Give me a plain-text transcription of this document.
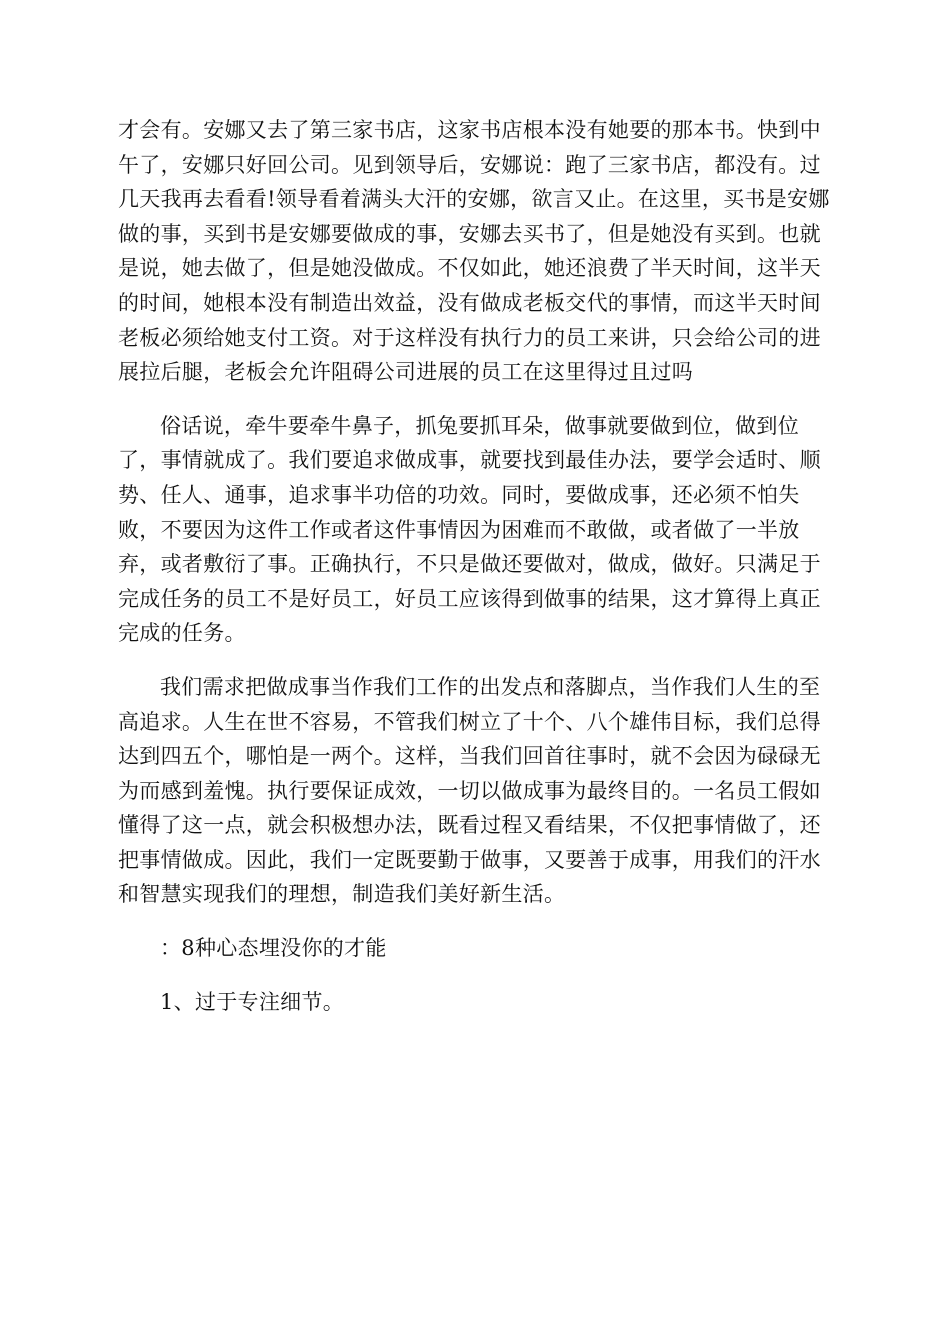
才会有。安娜又去了第三家书店，这家书店根本没有她要的那本书。快到中午了，安娜只好回公司。见到领导后，安娜说：跑了三家书店，都没有。过几天我再去看看!领导看着满头大汗的安娜，欲言又止。在这里，买书是安娜做的事，买到书是安娜要做成的事，安娜去买书了，但是她没有买到。也就是说，她去做了，但是她没做成。不仅如此，她还浪费了半天时间，这半天的时间，她根本没有制造出效益，没有做成老板交代的事情，而这半天时间老板必须给她支付工资。对于这样没有执行力的员工来讲，只会给公司的进展拉后腿，老板会允许阻碍公司进展的员工在这里得过且过吗

俗话说，牵牛要牵牛鼻子，抓兔要抓耳朵，做事就要做到位，做到位了，事情就成了。我们要追求做成事，就要找到最佳办法，要学会适时、顺势、任人、通事，追求事半功倍的功效。同时，要做成事，还必须不怕失败，不要因为这件工作或者这件事情因为困难而不敢做，或者做了一半放弃，或者敷衍了事。正确执行，不只是做还要做对，做成，做好。只满足于完成任务的员工不是好员工，好员工应该得到做事的结果，这才算得上真正完成的任务。

我们需求把做成事当作我们工作的出发点和落脚点，当作我们人生的至高追求。人生在世不容易，不管我们树立了十个、八个雄伟目标，我们总得达到四五个，哪怕是一两个。这样，当我们回首往事时，就不会因为碌碌无为而感到羞愧。执行要保证成效，一切以做成事为最终目的。一名员工假如懂得了这一点，就会积极想办法，既看过程又看结果，不仅把事情做了，还把事情做成。因此，我们一定既要勤于做事，又要善于成事，用我们的汗水和智慧实现我们的理想，制造我们美好新生活。

：8种心态埋没你的才能

1、过于专注细节。
